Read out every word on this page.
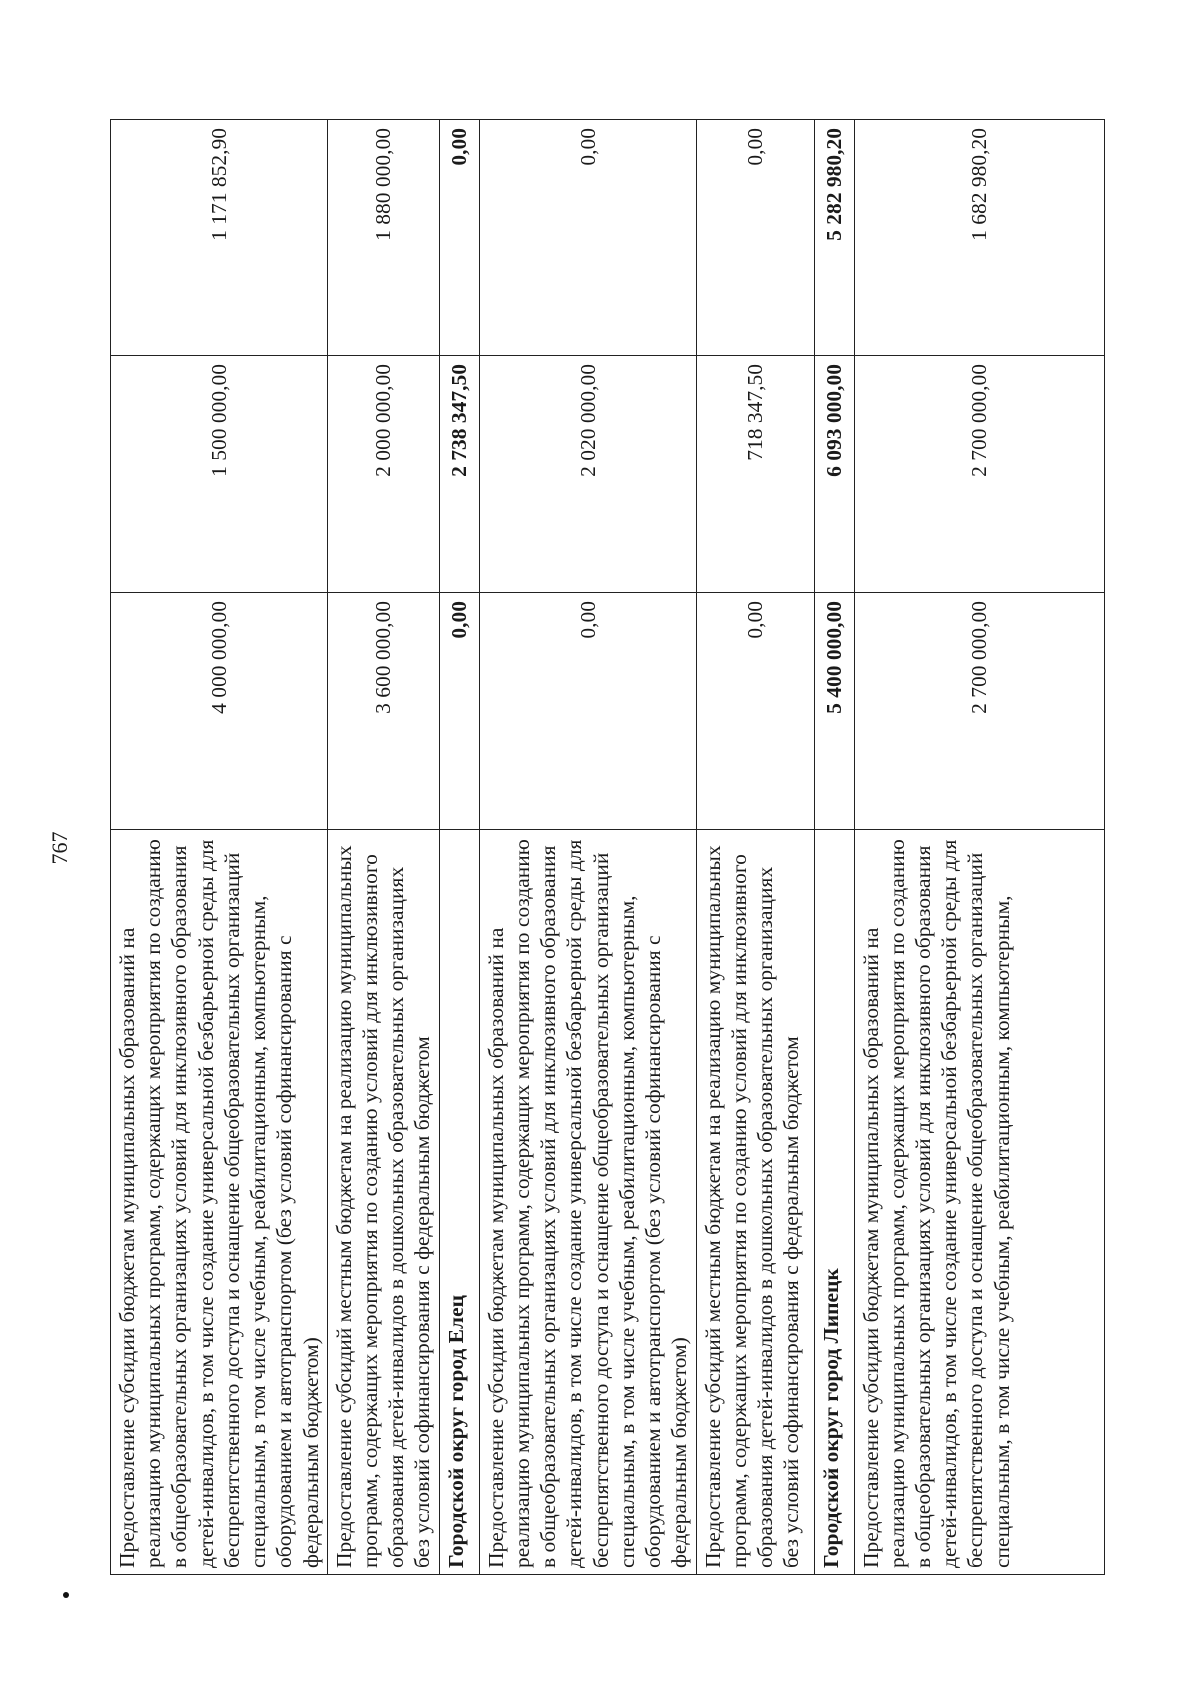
767
Предоставление субсидии бюджетам муниципальных образований на реализацию муниципальных программ, содержащих мероприятия по созданию в общеобразовательных организациях условий для инклюзивного образования детей-инвалидов, в том числе создание универсальной безбарьерной среды для беспрепятственного доступа и оснащение общеобразовательных организаций специальным, в том числе учебным, реабилитационным, компьютерным, оборудованием и автотранспортом (без условий софинансирования с федеральным бюджетом)	4 000 000,00	1 500 000,00	1 171 852,90
Предоставление субсидий местным бюджетам на реализацию муниципальных программ, содержащих мероприятия по созданию условий для инклюзивного образования детей-инвалидов в дошкольных образовательных организациях без условий софинансирования с федеральным бюджетом	3 600 000,00	2 000 000,00	1 880 000,00
Городской округ город Елец	0,00	2 738 347,50	0,00
Предоставление субсидии бюджетам муниципальных образований на реализацию муниципальных программ, содержащих мероприятия по созданию в общеобразовательных организациях условий для инклюзивного образования детей-инвалидов, в том числе создание универсальной безбарьерной среды для беспрепятственного доступа и оснащение общеобразовательных организаций специальным, в том числе учебным, реабилитационным, компьютерным, оборудованием и автотранспортом (без условий софинансирования с федеральным бюджетом)	0,00	2 020 000,00	0,00
Предоставление субсидий местным бюджетам на реализацию муниципальных программ, содержащих мероприятия по созданию условий для инклюзивного образования детей-инвалидов в дошкольных образовательных организациях без условий софинансирования с федеральным бюджетом	0,00	718 347,50	0,00
Городской округ город Липецк	5 400 000,00	6 093 000,00	5 282 980,20
Предоставление субсидии бюджетам муниципальных образований на реализацию муниципальных программ, содержащих мероприятия по созданию в общеобразовательных организациях условий для инклюзивного образования детей-инвалидов, в том числе создание универсальной безбарьерной среды для беспрепятственного доступа и оснащение общеобразовательных организаций специальным, в том числе учебным, реабилитационным, компьютерным,	2 700 000,00	2 700 000,00	1 682 980,20
